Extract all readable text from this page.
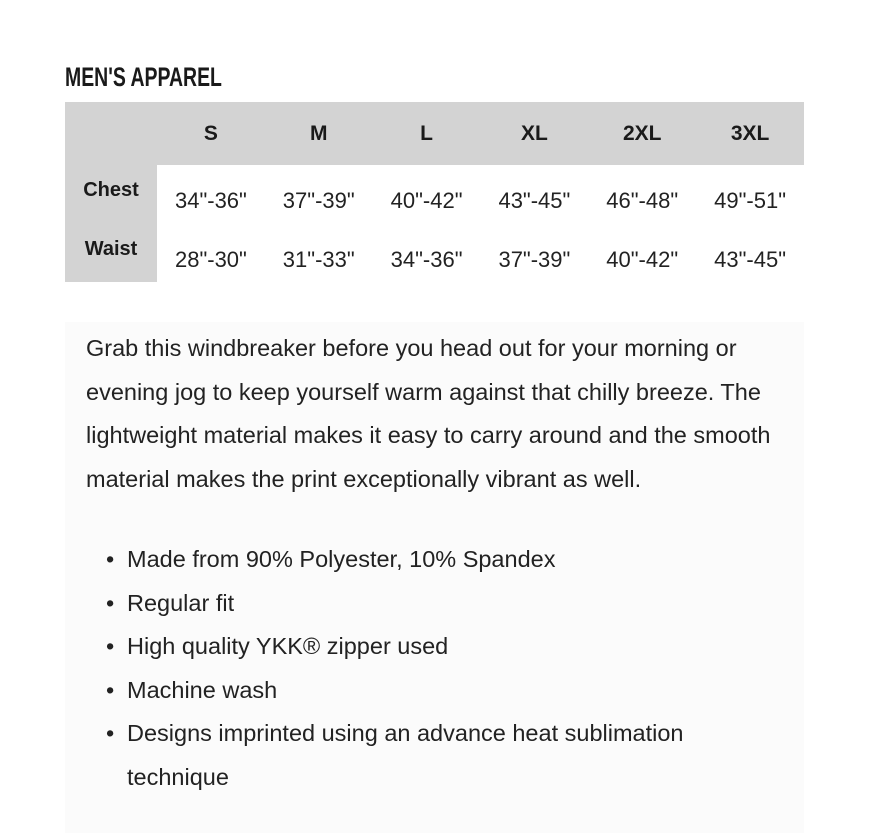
MEN'S APPAREL
	S	M	L	XL	2XL	3XL
Chest	34"-36"	37"-39"	40"-42"	43"-45"	46"-48"	49"-51"
Waist	28"-30"	31"-33"	34"-36"	37"-39"	40"-42"	43"-45"

Grab this windbreaker before you head out for your morning or evening jog to keep yourself warm against that chilly breeze. The lightweight material makes it easy to carry around and the smooth material makes the print exceptionally vibrant as well.

• Made from 90% Polyester, 10% Spandex
• Regular fit
• High quality YKK® zipper used
• Machine wash
• Designs imprinted using an advance heat sublimation technique
